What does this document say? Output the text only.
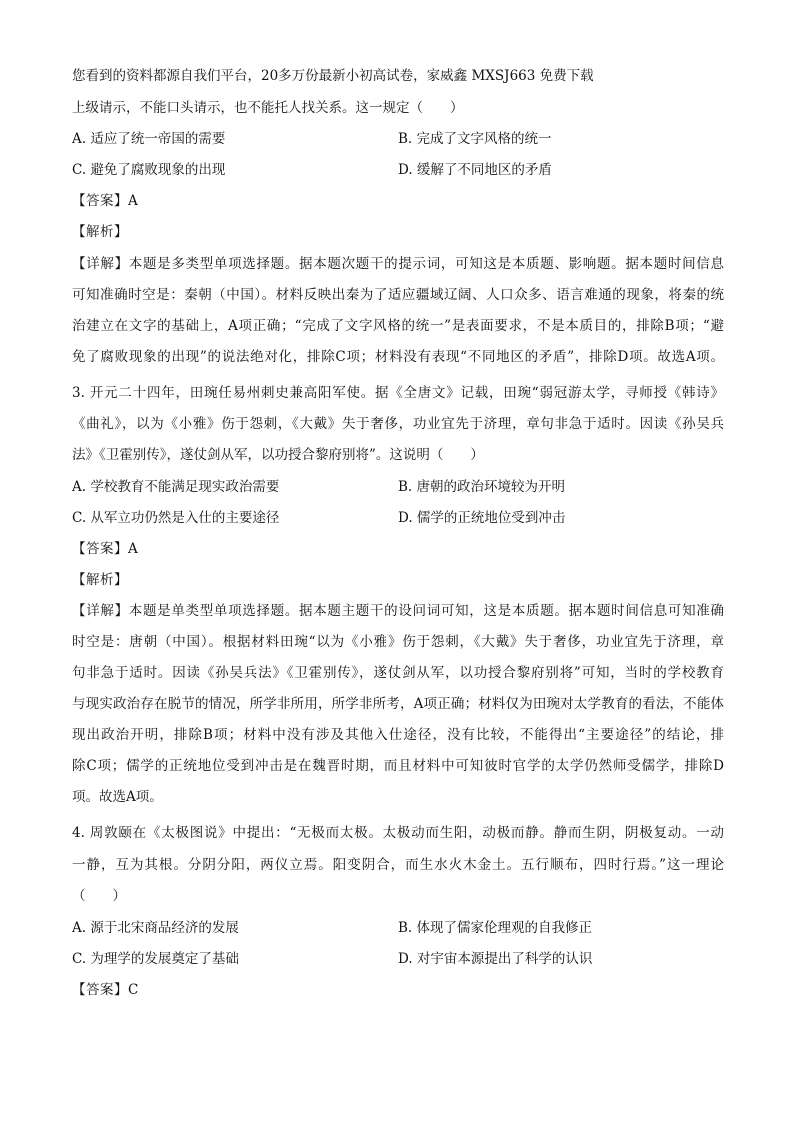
您看到的资料都源自我们平台，20多万份最新小初高试卷，家威鑫 MXSJ663 免费下载
上级请示，不能口头请示，也不能托人找关系。这一规定（　　）
A. 适应了统一帝国的需要	B. 完成了文字风格的统一
C. 避免了腐败现象的出现	D. 缓解了不同地区的矛盾
【答案】A
【解析】
【详解】本题是多类型单项选择题。据本题次题干的提示词，可知这是本质题、影响题。据本题时间信息
可知准确时空是：秦朝（中国）。材料反映出秦为了适应疆域辽阔、人口众多、语言难通的现象，将秦的统
治建立在文字的基础上，A项正确；“完成了文字风格的统一”是表面要求，不是本质目的，排除B项；“避
免了腐败现象的出现”的说法绝对化，排除C项；材料没有表现“不同地区的矛盾”，排除D项。故选A项。
3. 开元二十四年，田琬任易州刺史兼高阳军使。据《全唐文》记载，田琬“弱冠游太学，寻师授《韩诗》
《曲礼》，以为《小雅》伤于怨刺，《大戴》失于奢侈，功业宜先于济理，章句非急于适时。因读《孙吴兵
法》《卫霍别传》，遂仗剑从军，以功授合黎府别将”。这说明（　　）
A. 学校教育不能满足现实政治需要	B. 唐朝的政治环境较为开明
C. 从军立功仍然是入仕的主要途径	D. 儒学的正统地位受到冲击
【答案】A
【解析】
【详解】本题是单类型单项选择题。据本题主题干的设问词可知，这是本质题。据本题时间信息可知准确
时空是：唐朝（中国）。根据材料田琬“以为《小雅》伤于怨刺，《大戴》失于奢侈，功业宜先于济理，章
句非急于适时。因读《孙吴兵法》《卫霍别传》，遂仗剑从军，以功授合黎府别将”可知，当时的学校教育
与现实政治存在脱节的情况，所学非所用，所学非所考，A项正确；材料仅为田琬对太学教育的看法，不能体
现出政治开明，排除B项；材料中没有涉及其他入仕途径，没有比较，不能得出“主要途径”的结论，排
除C项；儒学的正统地位受到冲击是在魏晋时期，而且材料中可知彼时官学的太学仍然师受儒学，排除D
项。故选A项。
4. 周敦颐在《太极图说》中提出：“无极而太极。太极动而生阳，动极而静。静而生阴，阴极复动。一动
一静，互为其根。分阴分阳，两仪立焉。阳变阴合，而生水火木金土。五行顺布，四时行焉。”这一理论
（　　）
A. 源于北宋商品经济的发展	B. 体现了儒家伦理观的自我修正
C. 为理学的发展奠定了基础	D. 对宇宙本源提出了科学的认识
【答案】C
